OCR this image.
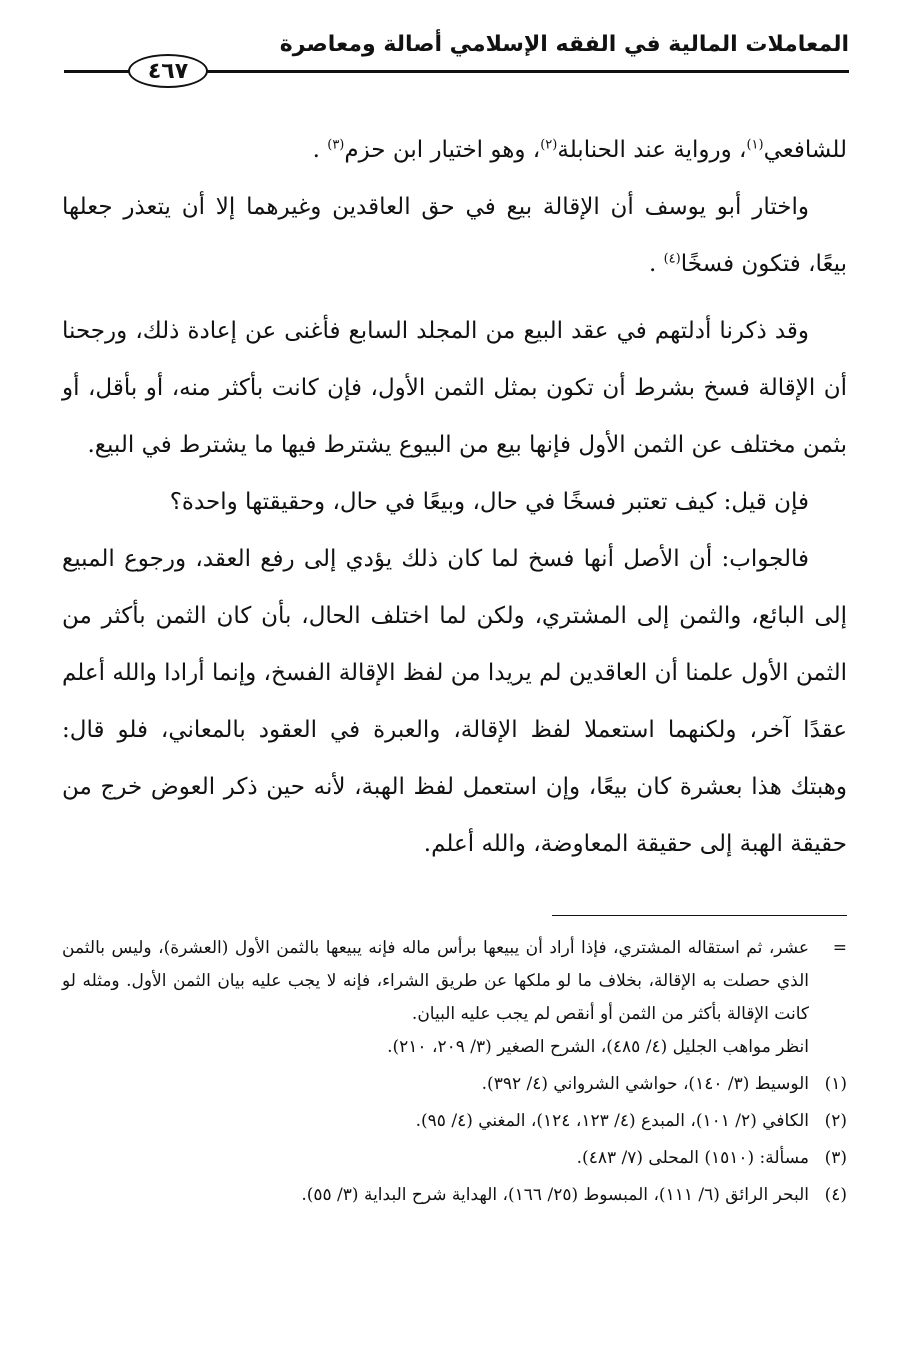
المعاملات المالية في الفقه الإسلامي أصالة ومعاصرة
٤٦٧

للشافعي$^{(١)}$، ورواية عند الحنابلة$^{(٢)}$، وهو اختيار ابن حزم$^{(٣)}$ .

واختار أبو يوسف أن الإقالة بيع في حق العاقدين وغيرهما إلا أن يتعذر جعلها بيعًا، فتكون فسخًا$^{(٤)}$ .

وقد ذكرنا أدلتهم في عقد البيع من المجلد السابع فأغنى عن إعادة ذلك، ورجحنا أن الإقالة فسخ بشرط أن تكون بمثل الثمن الأول، فإن كانت بأكثر منه، أو بأقل، أو بثمن مختلف عن الثمن الأول فإنها بيع من البيوع يشترط فيها ما يشترط في البيع.

فإن قيل: كيف تعتبر فسخًا في حال، وبيعًا في حال، وحقيقتها واحدة؟

فالجواب: أن الأصل أنها فسخ لما كان ذلك يؤدي إلى رفع العقد، ورجوع المبيع إلى البائع، والثمن إلى المشتري، ولكن لما اختلف الحال، بأن كان الثمن بأكثر من الثمن الأول علمنا أن العاقدين لم يريدا من لفظ الإقالة الفسخ، وإنما أرادا والله أعلم عقدًا آخر، ولكنهما استعملا لفظ الإقالة، والعبرة في العقود بالمعاني، فلو قال: وهبتك هذا بعشرة كان بيعًا، وإن استعمل لفظ الهبة، لأنه حين ذكر العوض خرج من حقيقة الهبة إلى حقيقة المعاوضة، والله أعلم.

=
عشر، ثم استقاله المشتري، فإذا أراد أن يبيعها برأس ماله فإنه يبيعها بالثمن الأول (العشرة)، وليس بالثمن الذي حصلت به الإقالة، بخلاف ما لو ملكها عن طريق الشراء، فإنه لا يجب عليه بيان الثمن الأول. ومثله لو كانت الإقالة بأكثر من الثمن أو أنقص لم يجب عليه البيان.
انظر مواهب الجليل (٤/ ٤٨٥)، الشرح الصغير (٣/ ٢٠٩، ٢١٠).
(١)
الوسيط (٣/ ١٤٠)، حواشي الشرواني (٤/ ٣٩٢).
(٢)
الكافي (٢/ ١٠١)، المبدع (٤/ ١٢٣، ١٢٤)، المغني (٤/ ٩٥).
(٣)
مسألة: (١٥١٠) المحلى (٧/ ٤٨٣).
(٤)
البحر الرائق (٦/ ١١١)، المبسوط (٢٥/ ١٦٦)، الهداية شرح البداية (٣/ ٥٥).
